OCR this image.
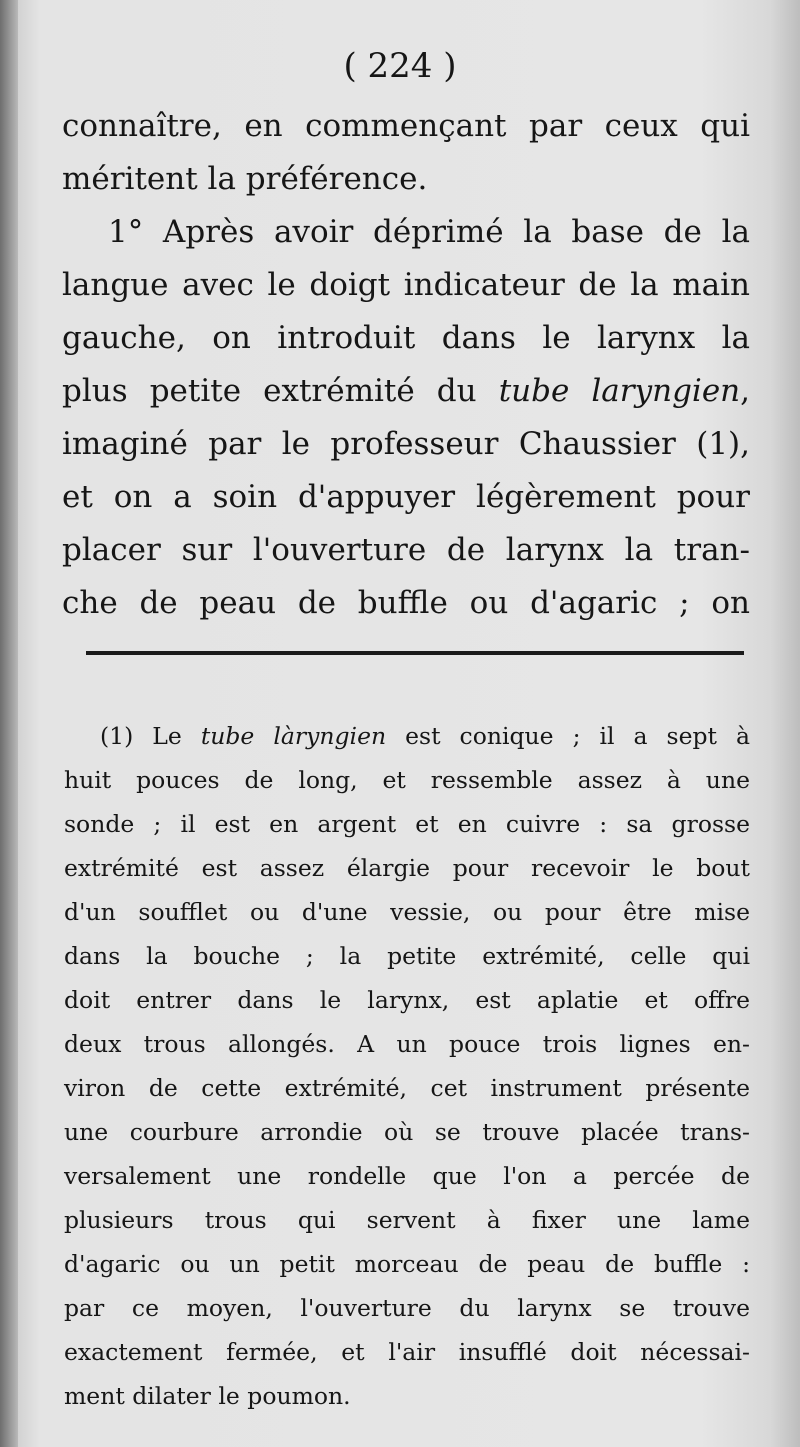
( 224 )
connaître, en commençant par ceux qui
méritent la préférence.
1° Après avoir déprimé la base de la
langue avec le doigt indicateur de la main
gauche, on introduit dans le larynx la
plus petite extrémité du tube laryngien,
imaginé par le professeur Chaussier (1),
et on a soin d'appuyer légèrement pour
placer sur l'ouverture de larynx la tran-
che de peau de buffle ou d'agaric ; on
(1) Le tube làryngien est conique ; il a sept à
huit pouces de long, et ressemble assez à une
sonde ; il est en argent et en cuivre : sa grosse
extrémité est assez élargie pour recevoir le bout
d'un soufflet ou d'une vessie, ou pour être mise
dans la bouche ; la petite extrémité, celle qui
doit entrer dans le larynx, est aplatie et offre
deux trous allongés. A un pouce trois lignes en-
viron de cette extrémité, cet instrument présente
une courbure arrondie où se trouve placée trans-
versalement une rondelle que l'on a percée de
plusieurs trous qui servent à fixer une lame
d'agaric ou un petit morceau de peau de buffle :
par ce moyen, l'ouverture du larynx se trouve
exactement fermée, et l'air insufflé doit nécessai-
ment dilater le poumon.
